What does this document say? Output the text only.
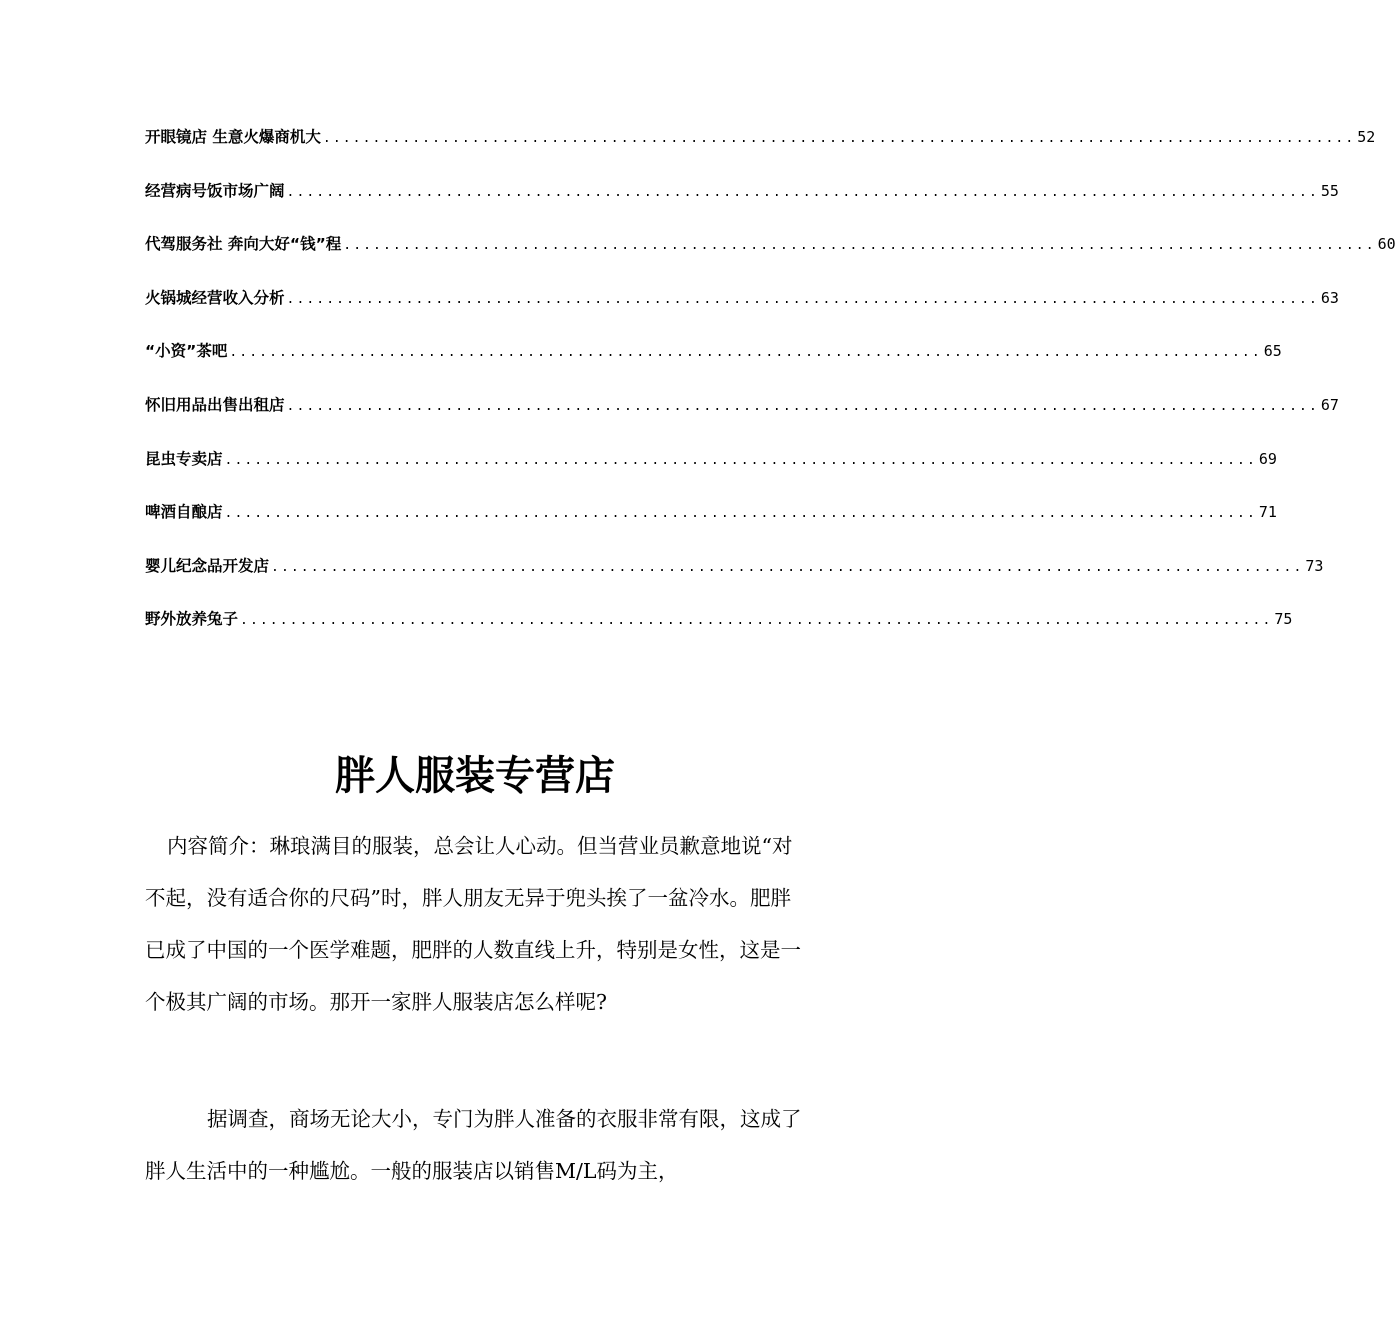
开眼镜店 生意火爆商机大 ........................................................................................................ 52
经营病号饭市场广阔 ........................................................................................................ 55
代驾服务社 奔向大好“钱”程 ........................................................................................................ 60
火锅城经营收入分析 ........................................................................................................ 63
“小资”茶吧 ........................................................................................................ 65
怀旧用品出售出租店 ........................................................................................................ 67
昆虫专卖店 ........................................................................................................ 69
啤酒自酿店 ........................................................................................................ 71
婴儿纪念品开发店 ........................................................................................................ 73
野外放养兔子 ........................................................................................................ 75
胖人服装专营店

内容简介：琳琅满目的服装，总会让人心动。但当营业员歉意地说“对不起，没有适合你的尺码”时，胖人朋友无异于兜头挨了一盆冷水。肥胖已成了中国的一个医学难题，肥胖的人数直线上升，特别是女性，这是一个极其广阔的市场。那开一家胖人服装店怎么样呢?

据调查，商场无论大小，专门为胖人准备的衣服非常有限，这成了胖人生活中的一种尴尬。一般的服装店以销售M/L码为主，
